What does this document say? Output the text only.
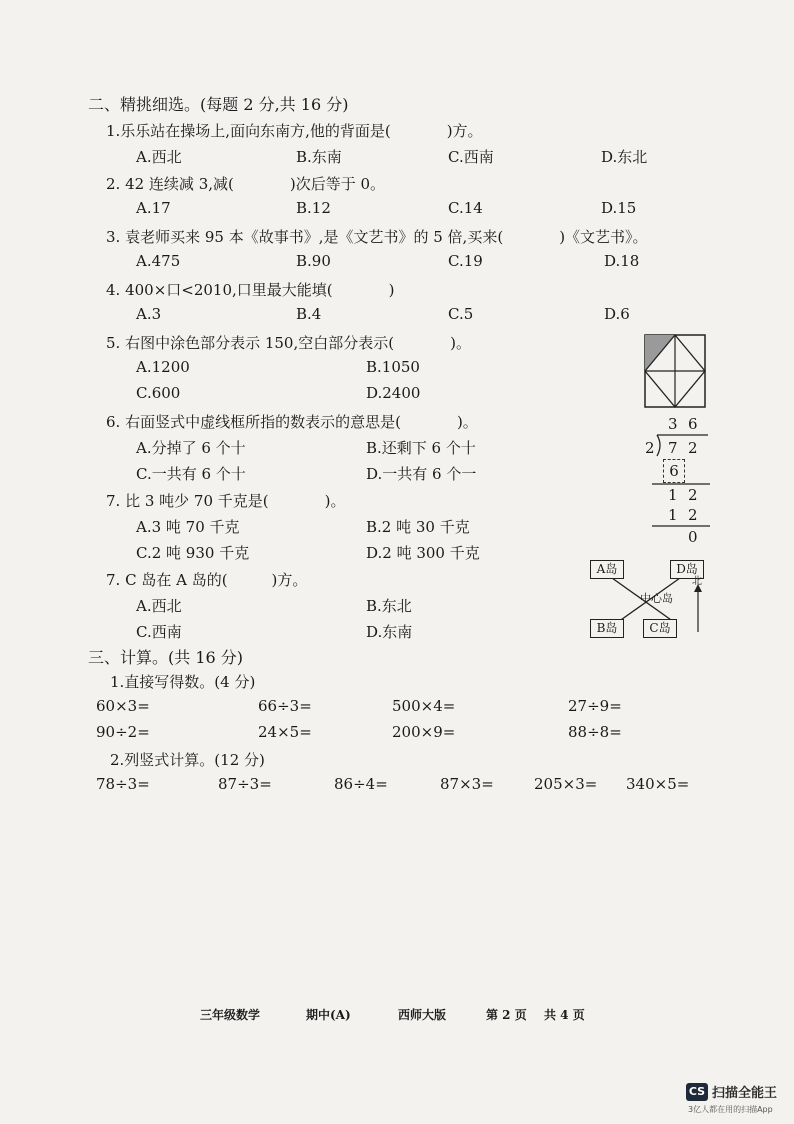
二、精挑细选。(每题 2 分,共 16 分)
1.乐乐站在操场上,面向东南方,他的背面是(	)方。
A.西北	B.东南	C.西南	D.东北
2. 42 连续减 3,减(	)次后等于 0。
A.17	B.12	C.14	D.15
3. 袁老师买来 95 本《故事书》,是《文艺书》的 5 倍,买来(	)《文艺书》。
A.475	B.90	C.19	D.18
4. 400×口<2010,口里最大能填(	)
A.3	B.4	C.5	D.6
5. 右图中涂色部分表示 150,空白部分表示(	)。
A.1200	B.1050
C.600	D.2400
6. 右面竖式中虚线框所指的数表示的意思是(	)。
A.分掉了 6 个十	B.还剩下 6 个十
C.一共有 6 个十	D.一共有 6 个一
3 6
2 7 2
6
1 2
1 2
0
7. 比 3 吨少 70 千克是(	)。
A.3 吨 70 千克	B.2 吨 30 千克
C.2 吨 930 千克	D.2 吨 300 千克
7. C 岛在 A 岛的(	)方。
A.西北	B.东北
C.西南	D.东南
A岛	D岛
B岛	C岛
中心岛
北
三、计算。(共 16 分)
1.直接写得数。(4 分)
60×3=	66÷3=	500×4=	27÷9=
90÷2=	24×5=	200×9=	88÷8=
2.列竖式计算。(12 分)
78÷3=	87÷3=	86÷4=	87×3=	205×3= 340×5=
三年级数学	期中(A)	西师大版	第 2 页 共 4 页
CS 扫描全能王
3亿人都在用的扫描App
